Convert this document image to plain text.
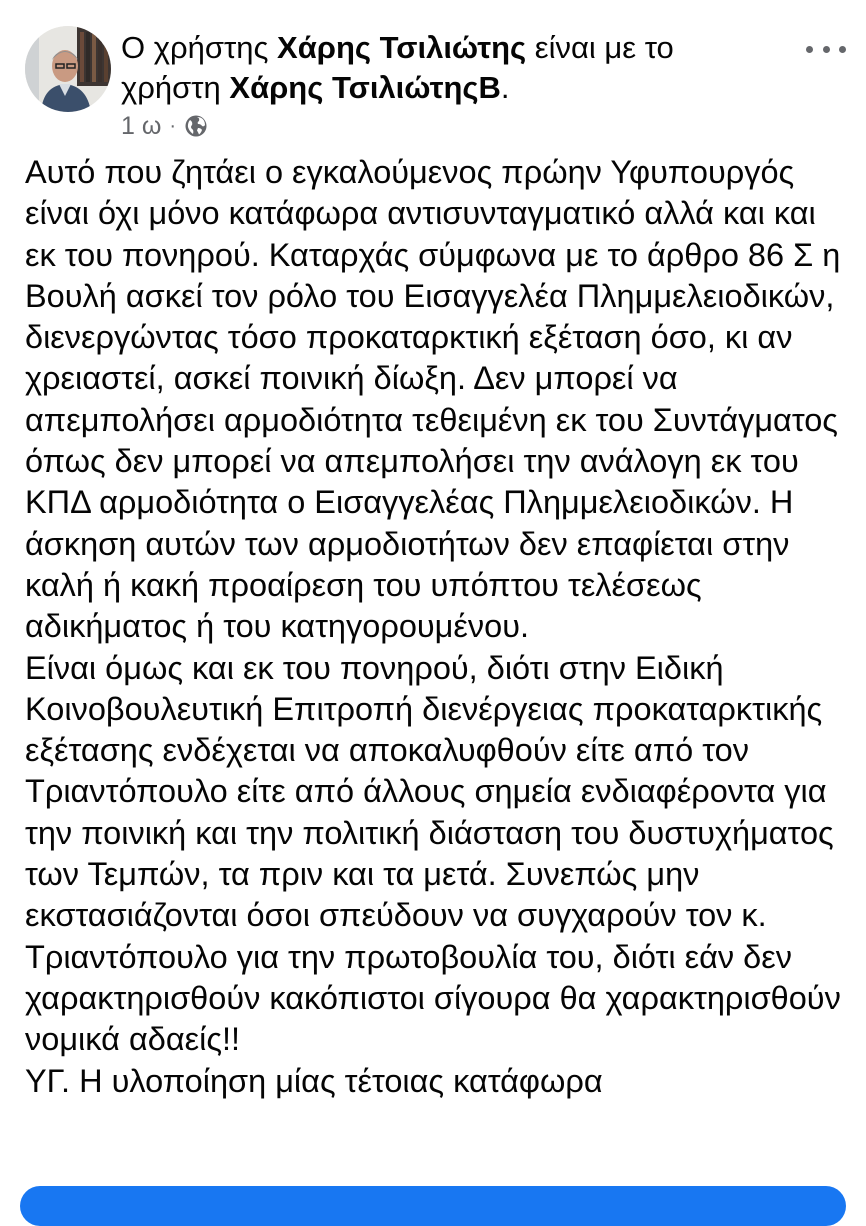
Ο χρήστης Χάρης Τσιλιώτης είναι με το χρήστη Χάρης ΤσιλιώτηςΒ.
1 ω ·
Αυτό που ζητάει ο εγκαλούμενος πρώην Υφυπουργός είναι όχι μόνο κατάφωρα αντισυνταγματικό αλλά και και εκ του πονηρού. Καταρχάς σύμφωνα με το άρθρο 86 Σ η Βουλή ασκεί τον ρόλο του Εισαγγελέα Πλημμελειοδικών, διενεργώντας τόσο προκαταρκτική εξέταση όσο, κι αν χρειαστεί, ασκεί ποινική δίωξη. Δεν μπορεί να απεμπολήσει αρμοδιότητα τεθειμένη εκ του Συντάγματος όπως δεν μπορεί να απεμπολήσει την ανάλογη εκ του ΚΠΔ αρμοδιότητα ο Εισαγγελέας Πλημμελειοδικών. Η άσκηση αυτών των αρμοδιοτήτων δεν επαφίεται στην καλή ή κακή προαίρεση του υπόπτου τελέσεως αδικήματος ή του κατηγορουμένου.
Είναι όμως και εκ του πονηρού, διότι στην Ειδική Κοινοβουλευτική Επιτροπή διενέργειας προκαταρκτικής εξέτασης ενδέχεται να αποκαλυφθούν είτε από τον Τριαντόπουλο είτε από άλλους σημεία ενδιαφέροντα για την ποινική και την πολιτική διάσταση του δυστυχήματος των Τεμπών, τα πριν και τα μετά. Συνεπώς μην εκστασιάζονται όσοι σπεύδουν να συγχαρούν τον κ. Τριαντόπουλο για την πρωτοβουλία του, διότι εάν δεν χαρακτηρισθούν κακόπιστοι σίγουρα θα χαρακτηρισθούν νομικά αδαείς!!
ΥΓ. Η υλοποίηση μίας τέτοιας κατάφωρα
